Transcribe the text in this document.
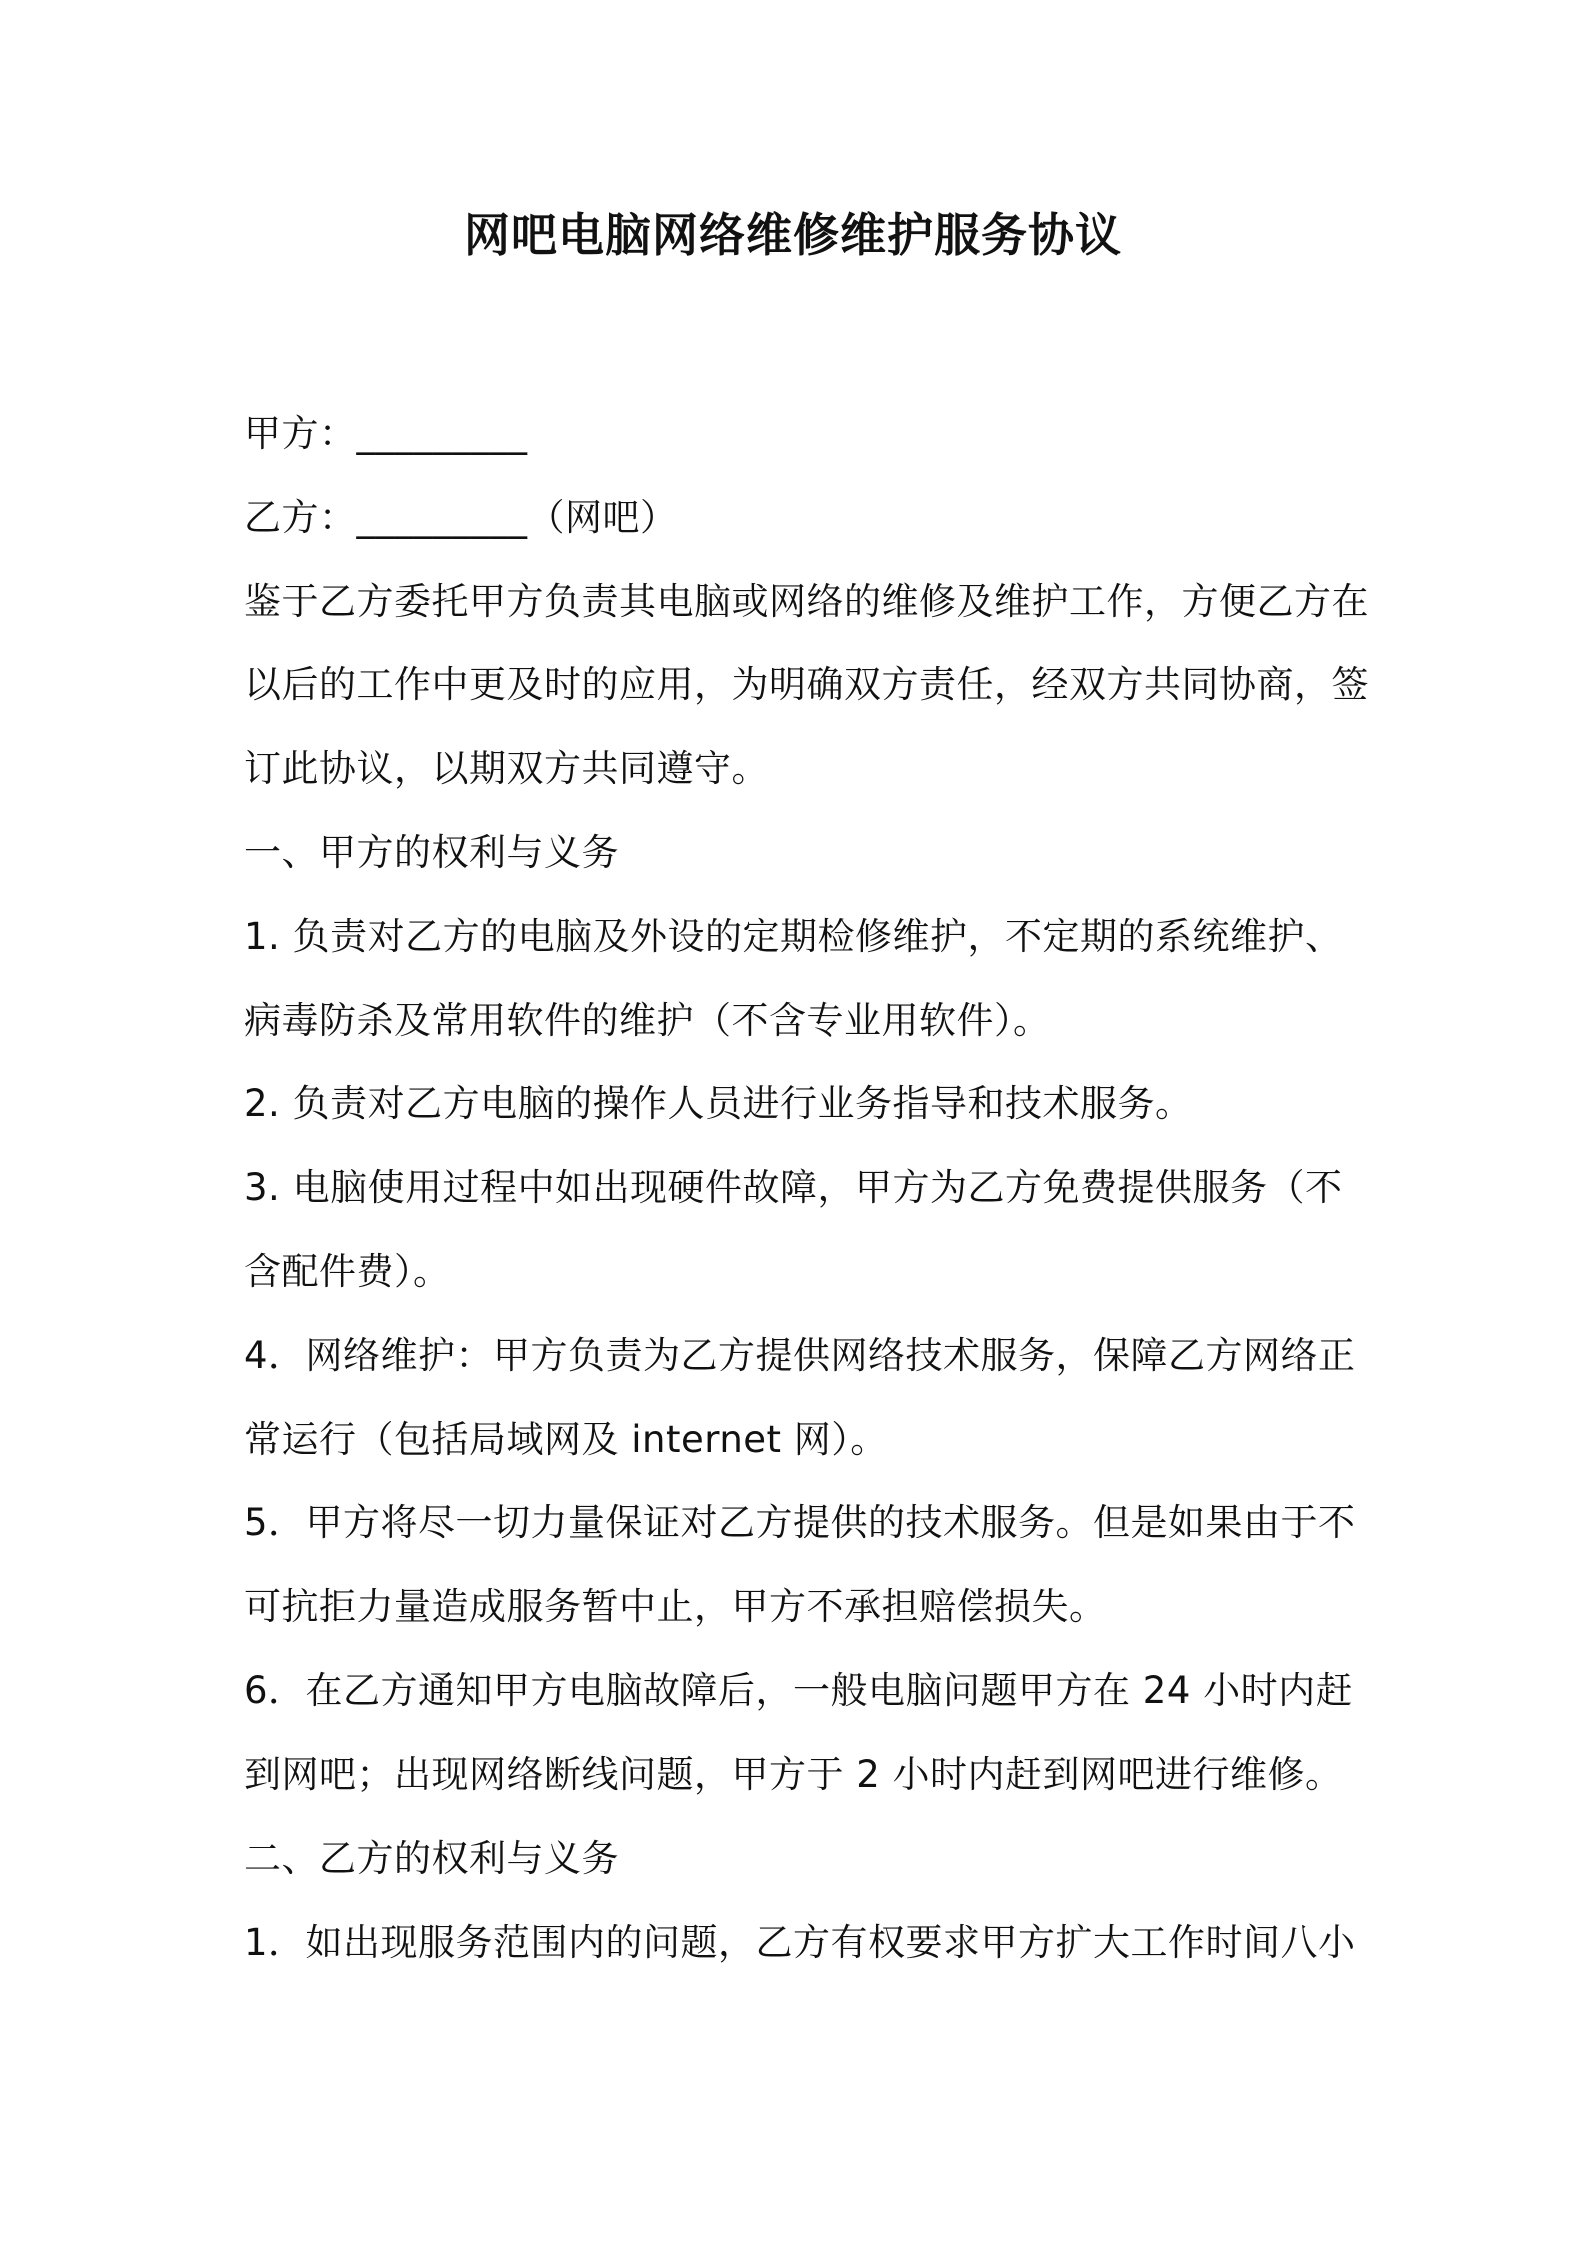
网吧电脑网络维修维护服务协议
甲方：_________
乙方：_________（网吧）
鉴于乙方委托甲方负责其电脑或网络的维修及维护工作，方便乙方在
以后的工作中更及时的应用，为明确双方责任，经双方共同协商，签
订此协议，以期双方共同遵守。
一、甲方的权利与义务
1. 负责对乙方的电脑及外设的定期检修维护，不定期的系统维护、
病毒防杀及常用软件的维护（不含专业用软件）。
2. 负责对乙方电脑的操作人员进行业务指导和技术服务。
3. 电脑使用过程中如出现硬件故障，甲方为乙方免费提供服务（不
含配件费）。
4．网络维护：甲方负责为乙方提供网络技术服务，保障乙方网络正
常运行（包括局域网及 internet 网）。
5．甲方将尽一切力量保证对乙方提供的技术服务。但是如果由于不
可抗拒力量造成服务暂中止，甲方不承担赔偿损失。
6．在乙方通知甲方电脑故障后，一般电脑问题甲方在 24 小时内赶
到网吧；出现网络断线问题，甲方于 2 小时内赶到网吧进行维修。
二、乙方的权利与义务
1．如出现服务范围内的问题，乙方有权要求甲方扩大工作时间八小
